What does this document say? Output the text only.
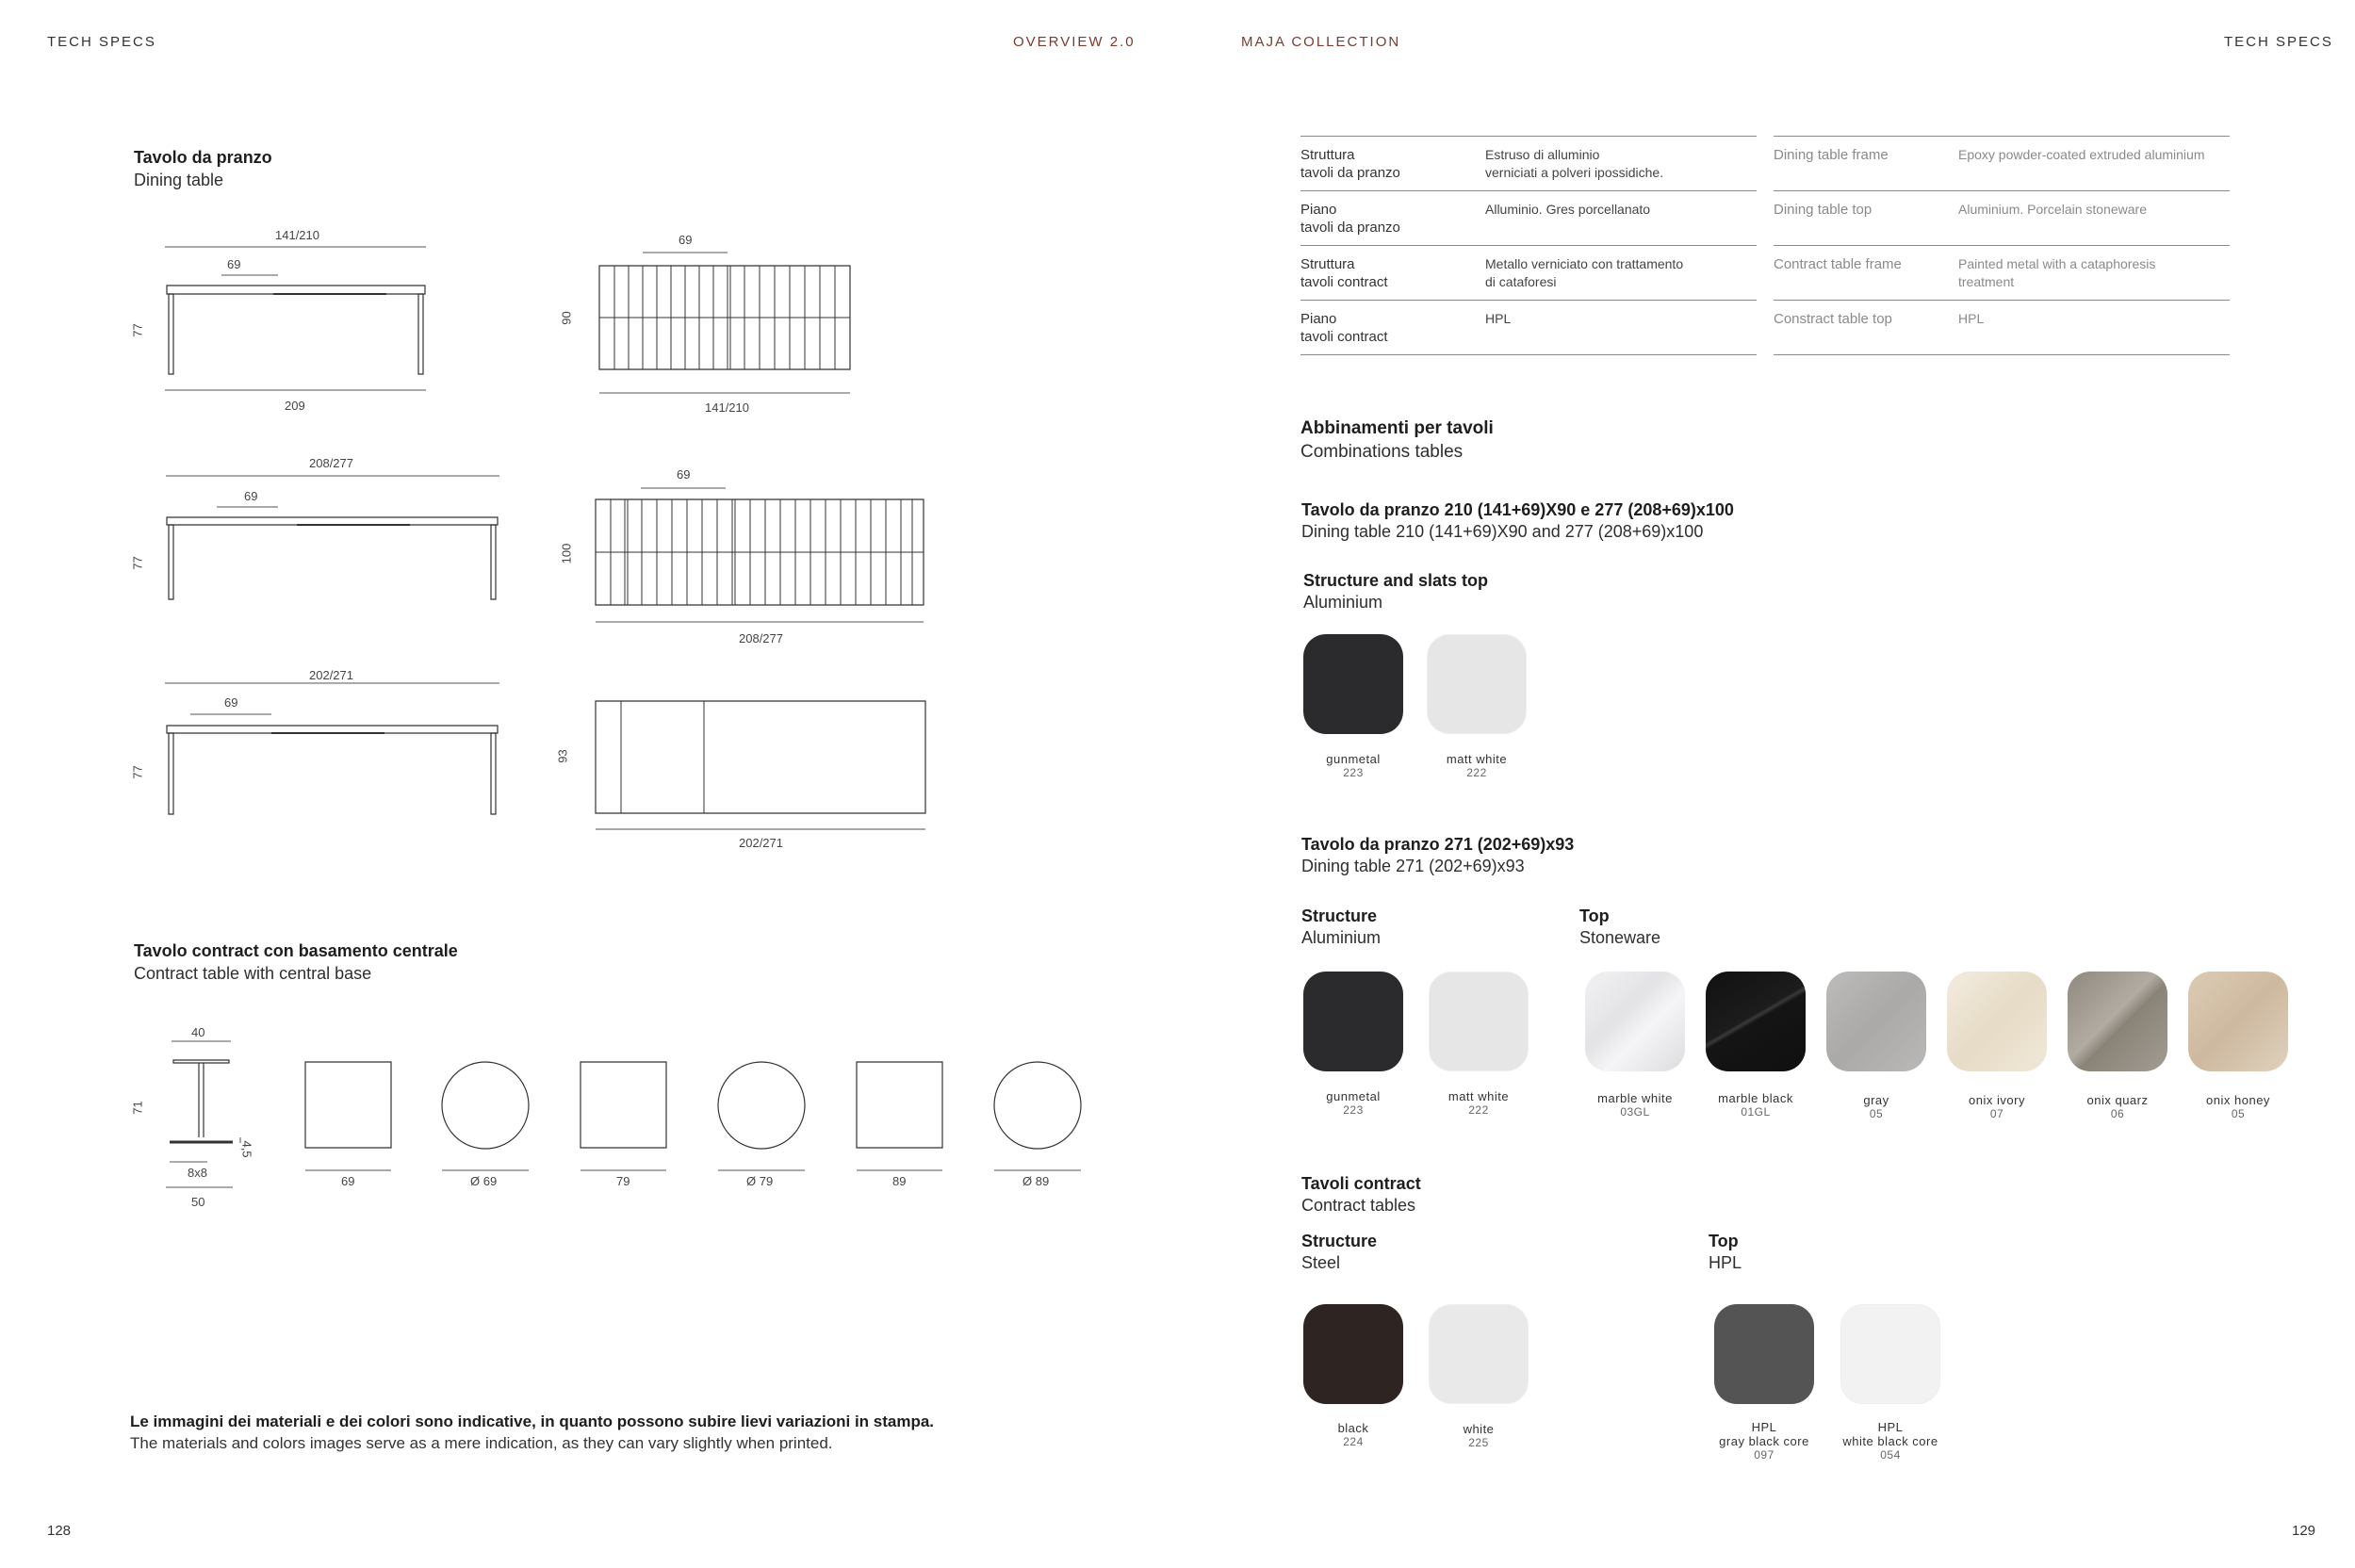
TECH SPECS	OVERVIEW 2.0	MAJA COLLECTION	TECH SPECS
Tavolo da pranzo
Dining table
141/210
69
77
209
69
90
141/210
208/277
69
77
69
100
208/277
202/271
69
77
93
202/271
Tavolo contract con basamento centrale
Contract table with central base
40
71
4,5
8x8
50
69	Ø 69	79	Ø 79	89	Ø 89
Le immagini dei materiali e dei colori sono indicative, in quanto possono subire lievi variazioni in stampa.
The materials and colors images serve as a mere indication, as they can vary slightly when printed.
128	129
Struttura
tavoli da pranzo	Estruso di alluminio
verniciati a polveri ipossidiche.
Piano
tavoli da pranzo	Alluminio. Gres porcellanato
Struttura
tavoli contract	Metallo verniciato con trattamento
di cataforesi
Piano
tavoli contract	HPL
Dining table frame	Epoxy powder-coated extruded aluminium
Dining table top	Aluminium. Porcelain stoneware
Contract table frame	Painted metal with a cataphoresis
treatment
Constract table top	HPL
Abbinamenti per tavoli
Combinations tables
Tavolo da pranzo 210 (141+69)X90 e 277 (208+69)x100
Dining table 210 (141+69)X90 and 277 (208+69)x100
Structure and slats top
Aluminium
gunmetal
223
matt white
222
Tavolo da pranzo 271 (202+69)x93
Dining table 271 (202+69)x93
Structure
Aluminium
Top
Stoneware
gunmetal
223
matt white
222
marble white
03GL
marble black
01GL
gray
05
onix ivory
07
onix quarz
06
onix honey
05
Tavoli contract
Contract tables
Structure
Steel
Top
HPL
black
224
white
225
HPL
gray black core
097
HPL
white black core
054
